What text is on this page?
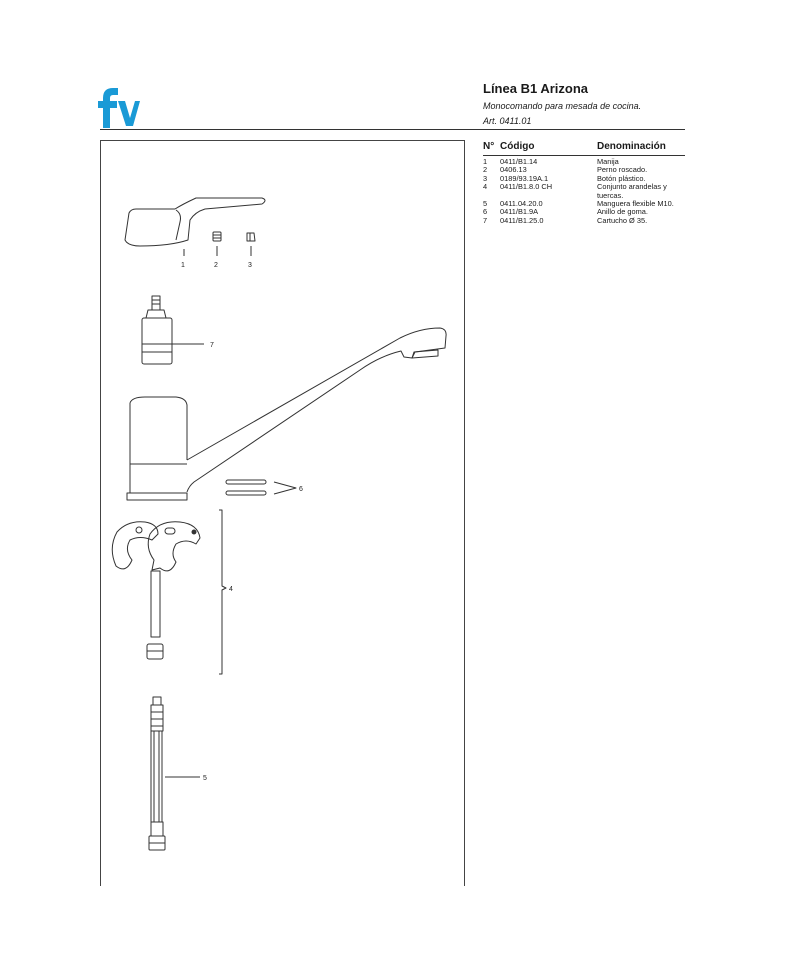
Línea B1 Arizona
Monocomando para mesada de cocina.
Art. 0411.01
N° Código	Denominación
1 0411/B1.14	Manija
2 0406.13	Perno roscado.
3 0189/93.19A.1	Botón plástico.
4 0411/B1.8.0 CH	Conjunto arandelas y tuercas.
5 0411.04.20.0	Manguera flexible M10.
6 0411/B1.9A	Anillo de goma.
7 0411/B1.25.0	Cartucho Ø 35.
1	2	3
7
6
4
5
